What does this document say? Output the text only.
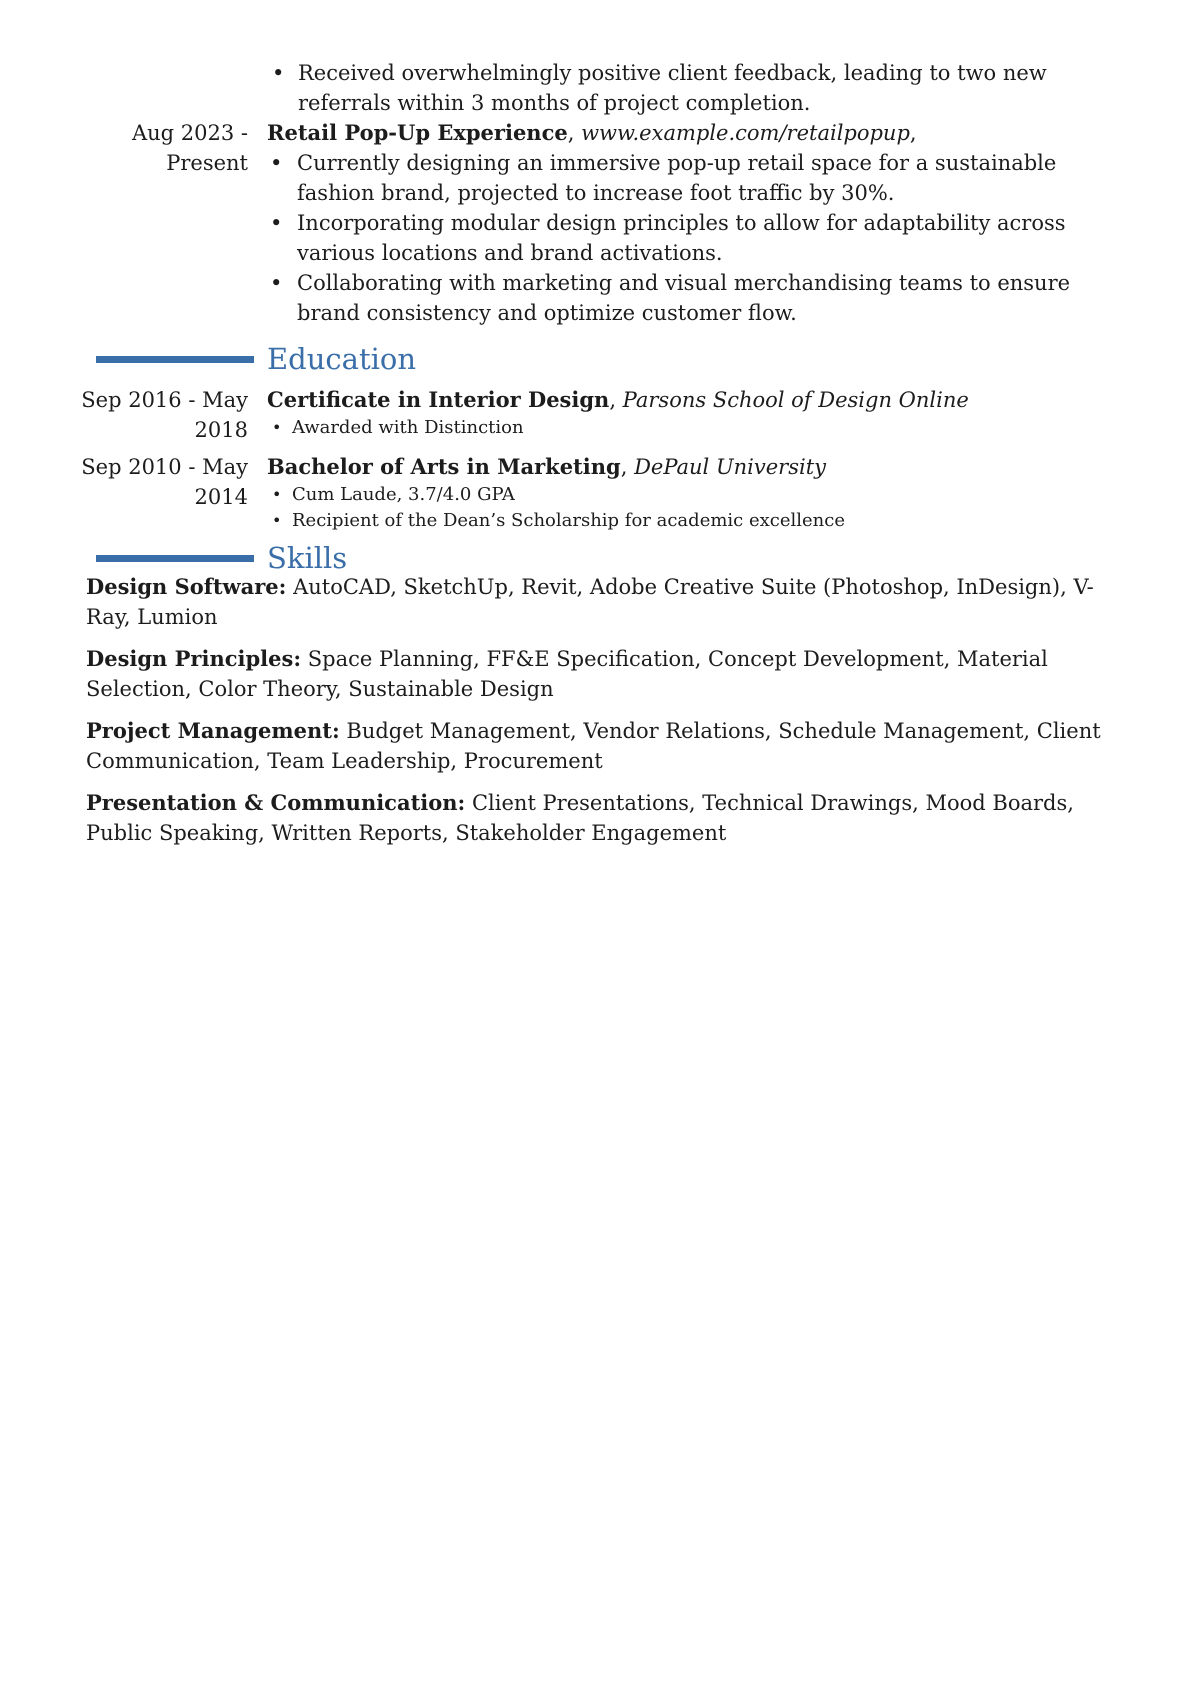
• Received overwhelmingly positive client feedback, leading to two new referrals within 3 months of project completion.
Aug 2023 - Present
Retail Pop-Up Experience, www.example.com/retailpopup,
• Currently designing an immersive pop-up retail space for a sustainable fashion brand, projected to increase foot traffic by 30%.
• Incorporating modular design principles to allow for adaptability across various locations and brand activations.
• Collaborating with marketing and visual merchandising teams to ensure brand consistency and optimize customer flow.
Education
Sep 2016 - May 2018
Certificate in Interior Design, Parsons School of Design Online
• Awarded with Distinction
Sep 2010 - May 2014
Bachelor of Arts in Marketing, DePaul University
• Cum Laude, 3.7/4.0 GPA
• Recipient of the Dean’s Scholarship for academic excellence
Skills
Design Software: AutoCAD, SketchUp, Revit, Adobe Creative Suite (Photoshop, InDesign), V-Ray, Lumion
Design Principles: Space Planning, FF&E Specification, Concept Development, Material Selection, Color Theory, Sustainable Design
Project Management: Budget Management, Vendor Relations, Schedule Management, Client Communication, Team Leadership, Procurement
Presentation & Communication: Client Presentations, Technical Drawings, Mood Boards, Public Speaking, Written Reports, Stakeholder Engagement
